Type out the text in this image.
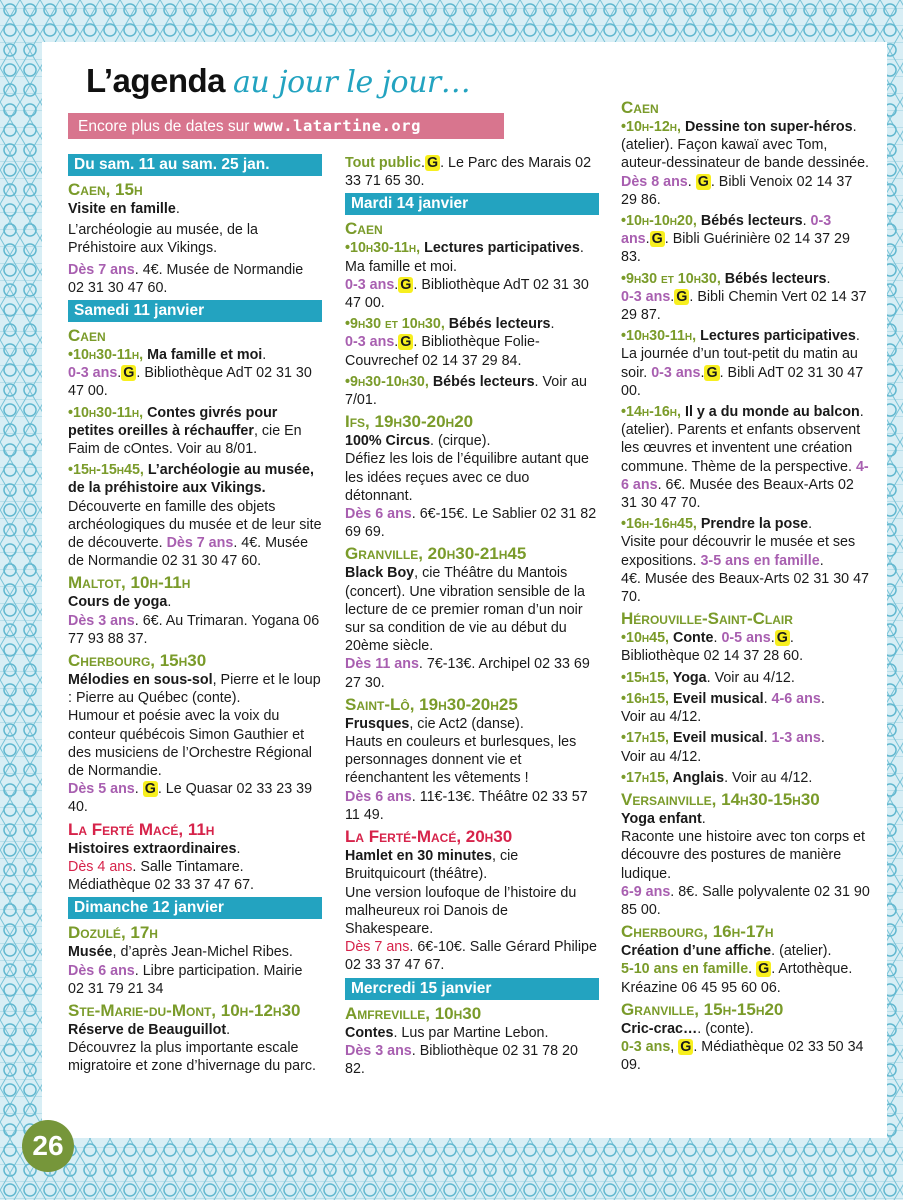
L’agenda au jour le jour…
Encore plus de dates sur www.latartine.org
Du sam. 11 au sam. 25 jan.
Caen, 15h

Visite en famille.

L’archéologie au musée, de la Préhistoire aux Vikings.

Dès 7 ans. 4€. Musée de Normandie 02 31 30 47 60.

Samedi 11 janvier
Caen

•10h30-11h, Ma famille et moi.
0-3 ans. G . Bibliothèque AdT 02 31 30 47 00.

•10h30-11h, Contes givrés pour petites oreilles à réchauffer, cie En Faim de cOntes. Voir au 8/01.

•15h-15h45, L’archéologie au musée, de la préhistoire aux Vikings.
Découverte en famille des objets archéologiques du musée et de leur site de découverte. Dès 7 ans. 4€. Musée de Normandie 02 31 30 47 60.

Maltot, 10h-11h

Cours de yoga.
Dès 3 ans. 6€. Au Trimaran. Yogana 06 77 93 88 37.

Cherbourg, 15h30

Mélodies en sous-sol, Pierre et le loup : Pierre au Québec (conte).
Humour et poésie avec la voix du conteur québécois Simon Gauthier et des musiciens de l’Orchestre Régional de Normandie.
Dès 5 ans. G . Le Quasar 02 33 23 39 40.

La Ferté Macé, 11h

Histoires extraordinaires.
Dès 4 ans. Salle Tintamare. Médiathèque 02 33 37 47 67.

Dimanche 12 janvier
Dozulé, 17h

Musée, d’après Jean-Michel Ribes.
Dès 6 ans. Libre participation. Mairie 02 31 79 21 34

Ste-Marie-du-Mont, 10h-12h30

Réserve de Beauguillot.
Découvrez la plus importante escale migratoire et zone d’hivernage du parc.

Tout public. G . Le Parc des Marais 02 33 71 65 30.

Mardi 14 janvier
Caen

•10h30-11h, Lectures participatives. Ma famille et moi.
0-3 ans. G . Bibliothèque AdT 02 31 30 47 00.

•9h30 et 10h30, Bébés lecteurs.
0-3 ans. G . Bibliothèque Folie-Couvrechef 02 14 37 29 84.

•9h30-10h30, Bébés lecteurs. Voir au 7/01.

Ifs, 19h30-20h20

100% Circus. (cirque).
Défiez les lois de l’équilibre autant que les idées reçues avec ce duo détonnant.
Dès 6 ans. 6€-15€. Le Sablier 02 31 82 69 69.

Granville, 20h30-21h45

Black Boy, cie Théâtre du Mantois (concert). Une vibration sensible de la lecture de ce premier roman d’un noir sur sa condition de vie au début du 20ème siècle.
Dès 11 ans. 7€-13€. Archipel 02 33 69 27 30.

Saint-Lô, 19h30-20h25

Frusques, cie Act2 (danse).
Hauts en couleurs et burlesques, les personnages donnent vie et réenchantent les vêtements !
Dès 6 ans. 11€-13€. Théâtre 02 33 57 11 49.

La Ferté-Macé, 20h30

Hamlet en 30 minutes, cie Bruitquicourt (théâtre).
Une version loufoque de l’histoire du malheureux roi Danois de Shakespeare.
Dès 7 ans. 6€-10€. Salle Gérard Philipe 02 33 37 47 67.

Mercredi 15 janvier
Amfreville, 10h30

Contes. Lus par Martine Lebon.
Dès 3 ans. Bibliothèque 02 31 78 20 82.

Caen

•10h-12h, Dessine ton super-héros. (atelier). Façon kawaï avec Tom, auteur-dessinateur de bande dessinée. Dès 8 ans. G . Bibli Venoix 02 14 37 29 86.

•10h-10h20, Bébés lecteurs. 0-3 ans. G . Bibli Guérinière 02 14 37 29 83.

•9h30 et 10h30, Bébés lecteurs.
0-3 ans. G . Bibli Chemin Vert 02 14 37 29 87.

•10h30-11h, Lectures participatives. La journée d’un tout-petit du matin au soir. 0-3 ans. G . Bibli AdT 02 31 30 47 00.

•14h-16h, Il y a du monde au balcon. (atelier). Parents et enfants observent les œuvres et inventent une création commune. Thème de la perspective. 4-6 ans. 6€. Musée des Beaux-Arts 02 31 30 47 70.

•16h-16h45, Prendre la pose.
Visite pour découvrir le musée et ses expositions. 3-5 ans en famille.
4€. Musée des Beaux-Arts 02 31 30 47 70.

Hérouville-Saint-Clair

•10h45, Conte. 0-5 ans. G . Bibliothèque 02 14 37 28 60.

•15h15, Yoga. Voir au 4/12.

•16h15, Eveil musical. 4-6 ans.
Voir au 4/12.

•17h15, Eveil musical. 1-3 ans.
Voir au 4/12.

•17h15, Anglais. Voir au 4/12.

Versainville, 14h30-15h30

Yoga enfant.
Raconte une histoire avec ton corps et découvre des postures de manière ludique.
6-9 ans. 8€. Salle polyvalente 02 31 90 85 00.

Cherbourg, 16h-17h

Création d’une affiche. (atelier).
5-10 ans en famille. G . Artothèque. Kréazine 06 45 95 60 06.

Granville, 15h-15h20

Cric-crac…. (conte).
0-3 ans, G . Médiathèque 02 33 50 34 09.

26
